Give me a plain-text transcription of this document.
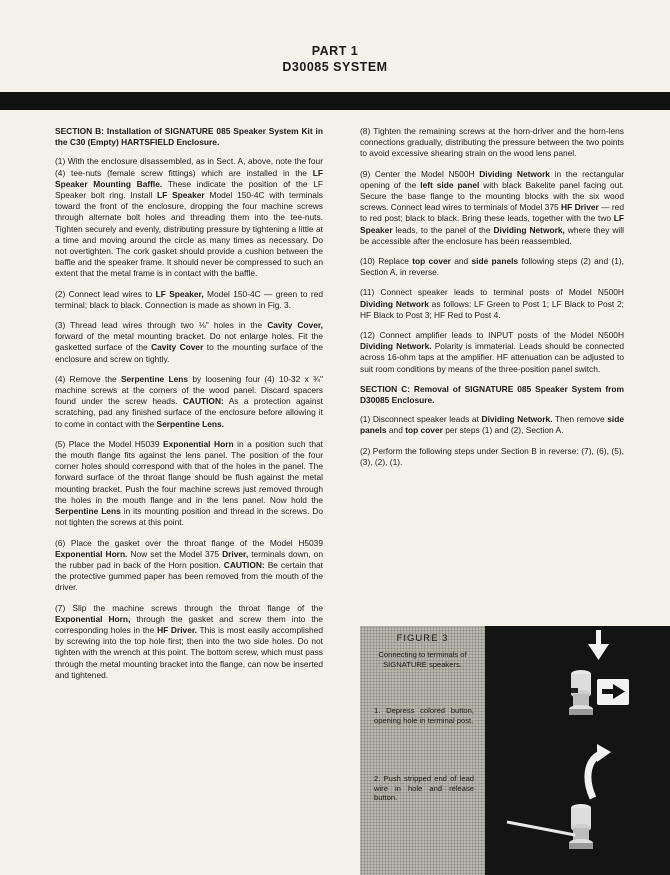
PART 1
D30085 SYSTEM

SECTION B: Installation of SIGNATURE 085 Speaker System Kit in the C30 (Empty) HARTSFIELD Enclosure.

(1) With the enclosure disassembled, as in Sect. A, above, note the four (4) tee-nuts (female screw fittings) which are installed in the LF Speaker Mounting Baffle. These indicate the position of the LF Speaker bolt ring. Install LF Speaker Model 150-4C with terminals toward the front of the enclosure, dropping the four machine screws through alternate bolt holes and threading them into the tee-nuts. Tighten securely and evenly, distributing pressure by tightening a little at a time and moving around the circle as many times as necessary. Do not overtighten. The cork gasket should provide a cushion between the baffle and the speaker frame. It should never be compressed to such an extent that the metal frame is in contact with the baffle.

(2) Connect lead wires to LF Speaker, Model 150-4C — green to red terminal; black to black. Connection is made as shown in Fig. 3.

(3) Thread lead wires through two ⅛" holes in the Cavity Cover, forward of the metal mounting bracket. Do not enlarge holes. Fit the gasketted surface of the Cavity Cover to the mounting surface of the enclosure and screw on tightly.

(4) Remove the Serpentine Lens by loosening four (4) 10-32 x ¾" machine screws at the corners of the wood panel. Discard spacers found under the screw heads. CAUTION: As a protection against scratching, pad any finished surface of the enclosure before allowing it to come in contact with the Serpentine Lens.

(5) Place the Model H5039 Exponential Horn in a position such that the mouth flange fits against the lens panel. The position of the four corner holes should correspond with that of the holes in the panel. The forward surface of the throat flange should be flush against the metal mounting bracket. Push the four machine screws just removed through the holes in the mouth flange and in the lens panel. Now hold the Serpentine Lens in its mounting position and thread in the screws. Do not tighten the screws at this point.

(6) Place the gasket over the throat flange of the Model H5039 Exponential Horn. Now set the Model 375 Driver, terminals down, on the rubber pad in back of the Horn position. CAUTION: Be certain that the protective gummed paper has been removed from the mouth of the driver.

(7) Slip the machine screws through the throat flange of the Exponential Horn, through the gasket and screw them into the corresponding holes in the HF Driver. This is most easily accomplished by screwing into the top hole first; then into the two side holes. Do not tighten with the wrench at this point. The bottom screw, which must pass through the metal mounting bracket into the flange, can now be inserted and tightened.

(8) Tighten the remaining screws at the horn-driver and the horn-lens connections gradually, distributing the pressure between the two points to avoid excessive shearing strain on the wood lens panel.

(9) Center the Model N500H Dividing Network in the rectangular opening of the left side panel with black Bakelite panel facing out. Secure the base flange to the mounting blocks with the six wood screws. Connect lead wires to terminals of Model 375 HF Driver — red to red post; black to black. Bring these leads, together with the two LF Speaker leads, to the panel of the Dividing Network, where they will be accessible after the enclosure has been reassembled.

(10) Replace top cover and side panels following steps (2) and (1), Section A, in reverse.

(11) Connect speaker leads to terminal posts of Model N500H Dividing Network as follows: LF Green to Post 1; LF Black to Post 2; HF Black to Post 3; HF Red to Post 4.

(12) Connect amplifier leads to INPUT posts of the Model N500H Dividing Network. Polarity is immaterial. Leads should be connected across 16-ohm taps at the amplifier. HF attenuation can be adjusted to suit room conditions by means of the three-position panel switch.

SECTION C: Removal of SIGNATURE 085 Speaker System from D30085 Enclosure.

(1) Disconnect speaker leads at Dividing Network. Then remove side panels and top cover per steps (1) and (2), Section A.

(2) Perform the following steps under Section B in reverse: (7), (6), (5), (3), (2), (1).

FIGURE 3
Connecting to terminals of SIGNATURE speakers.
1. Depress colored button, opening hole in terminal post.
2. Push stripped end of lead wire in hole and release button.
